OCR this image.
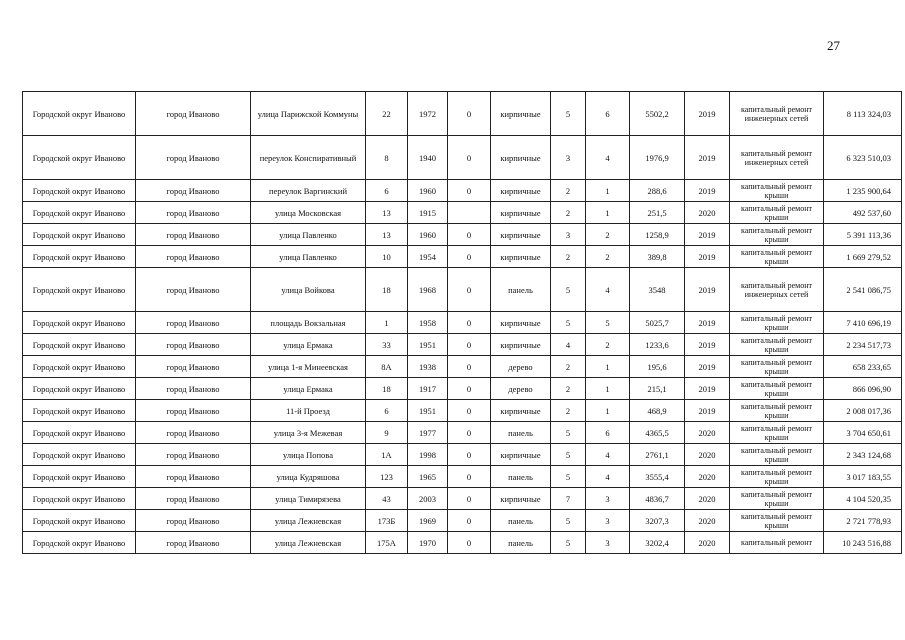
27
Городской округ Иваново	город Иваново	улица Парижской Коммуны	22	1972	0	кирпичные	5	6	5502,2	2019	капитальный ремонт инженерных сетей	8 113 324,03
Городской округ Иваново	город Иваново	переулок Конспиративный	8	1940	0	кирпичные	3	4	1976,9	2019	капитальный ремонт инженерных сетей	6 323 510,03
Городской округ Иваново	город Иваново	переулок Варгинский	6	1960	0	кирпичные	2	1	288,6	2019	капитальный ремонт крыши	1 235 900,64
Городской округ Иваново	город Иваново	улица Московская	13	1915		кирпичные	2	1	251,5	2020	капитальный ремонт крыши	492 537,60
Городской округ Иваново	город Иваново	улица Павленко	13	1960	0	кирпичные	3	2	1258,9	2019	капитальный ремонт крыши	5 391 113,36
Городской округ Иваново	город Иваново	улица Павленко	10	1954	0	кирпичные	2	2	389,8	2019	капитальный ремонт крыши	1 669 279,52
Городской округ Иваново	город Иваново	улица Войкова	18	1968	0	панель	5	4	3548	2019	капитальный ремонт инженерных сетей	2 541 086,75
Городской округ Иваново	город Иваново	площадь Вокзальная	1	1958	0	кирпичные	5	5	5025,7	2019	капитальный ремонт крыши	7 410 696,19
Городской округ Иваново	город Иваново	улица Ермака	33	1951	0	кирпичные	4	2	1233,6	2019	капитальный ремонт крыши	2 234 517,73
Городской округ Иваново	город Иваново	улица 1-я Минеевская	8А	1938	0	дерево	2	1	195,6	2019	капитальный ремонт крыши	658 233,65
Городской округ Иваново	город Иваново	улица Ермака	18	1917	0	дерево	2	1	215,1	2019	капитальный ремонт крыши	866 096,90
Городской округ Иваново	город Иваново	11-й Проезд	6	1951	0	кирпичные	2	1	468,9	2019	капитальный ремонт крыши	2 008 017,36
Городской округ Иваново	город Иваново	улица 3-я Межевая	9	1977	0	панель	5	6	4365,5	2020	капитальный ремонт крыши	3 704 650,61
Городской округ Иваново	город Иваново	улица Попова	1А	1998	0	кирпичные	5	4	2761,1	2020	капитальный ремонт крыши	2 343 124,68
Городской округ Иваново	город Иваново	улица Кудряшова	123	1965	0	панель	5	4	3555,4	2020	капитальный ремонт крыши	3 017 183,55
Городской округ Иваново	город Иваново	улица Тимирязева	43	2003	0	кирпичные	7	3	4836,7	2020	капитальный ремонт крыши	4 104 520,35
Городской округ Иваново	город Иваново	улица Лежневская	173Б	1969	0	панель	5	3	3207,3	2020	капитальный ремонт крыши	2 721 778,93
Городской округ Иваново	город Иваново	улица Лежневская	175А	1970	0	панель	5	3	3202,4	2020	капитальный ремонт	10 243 516,88
